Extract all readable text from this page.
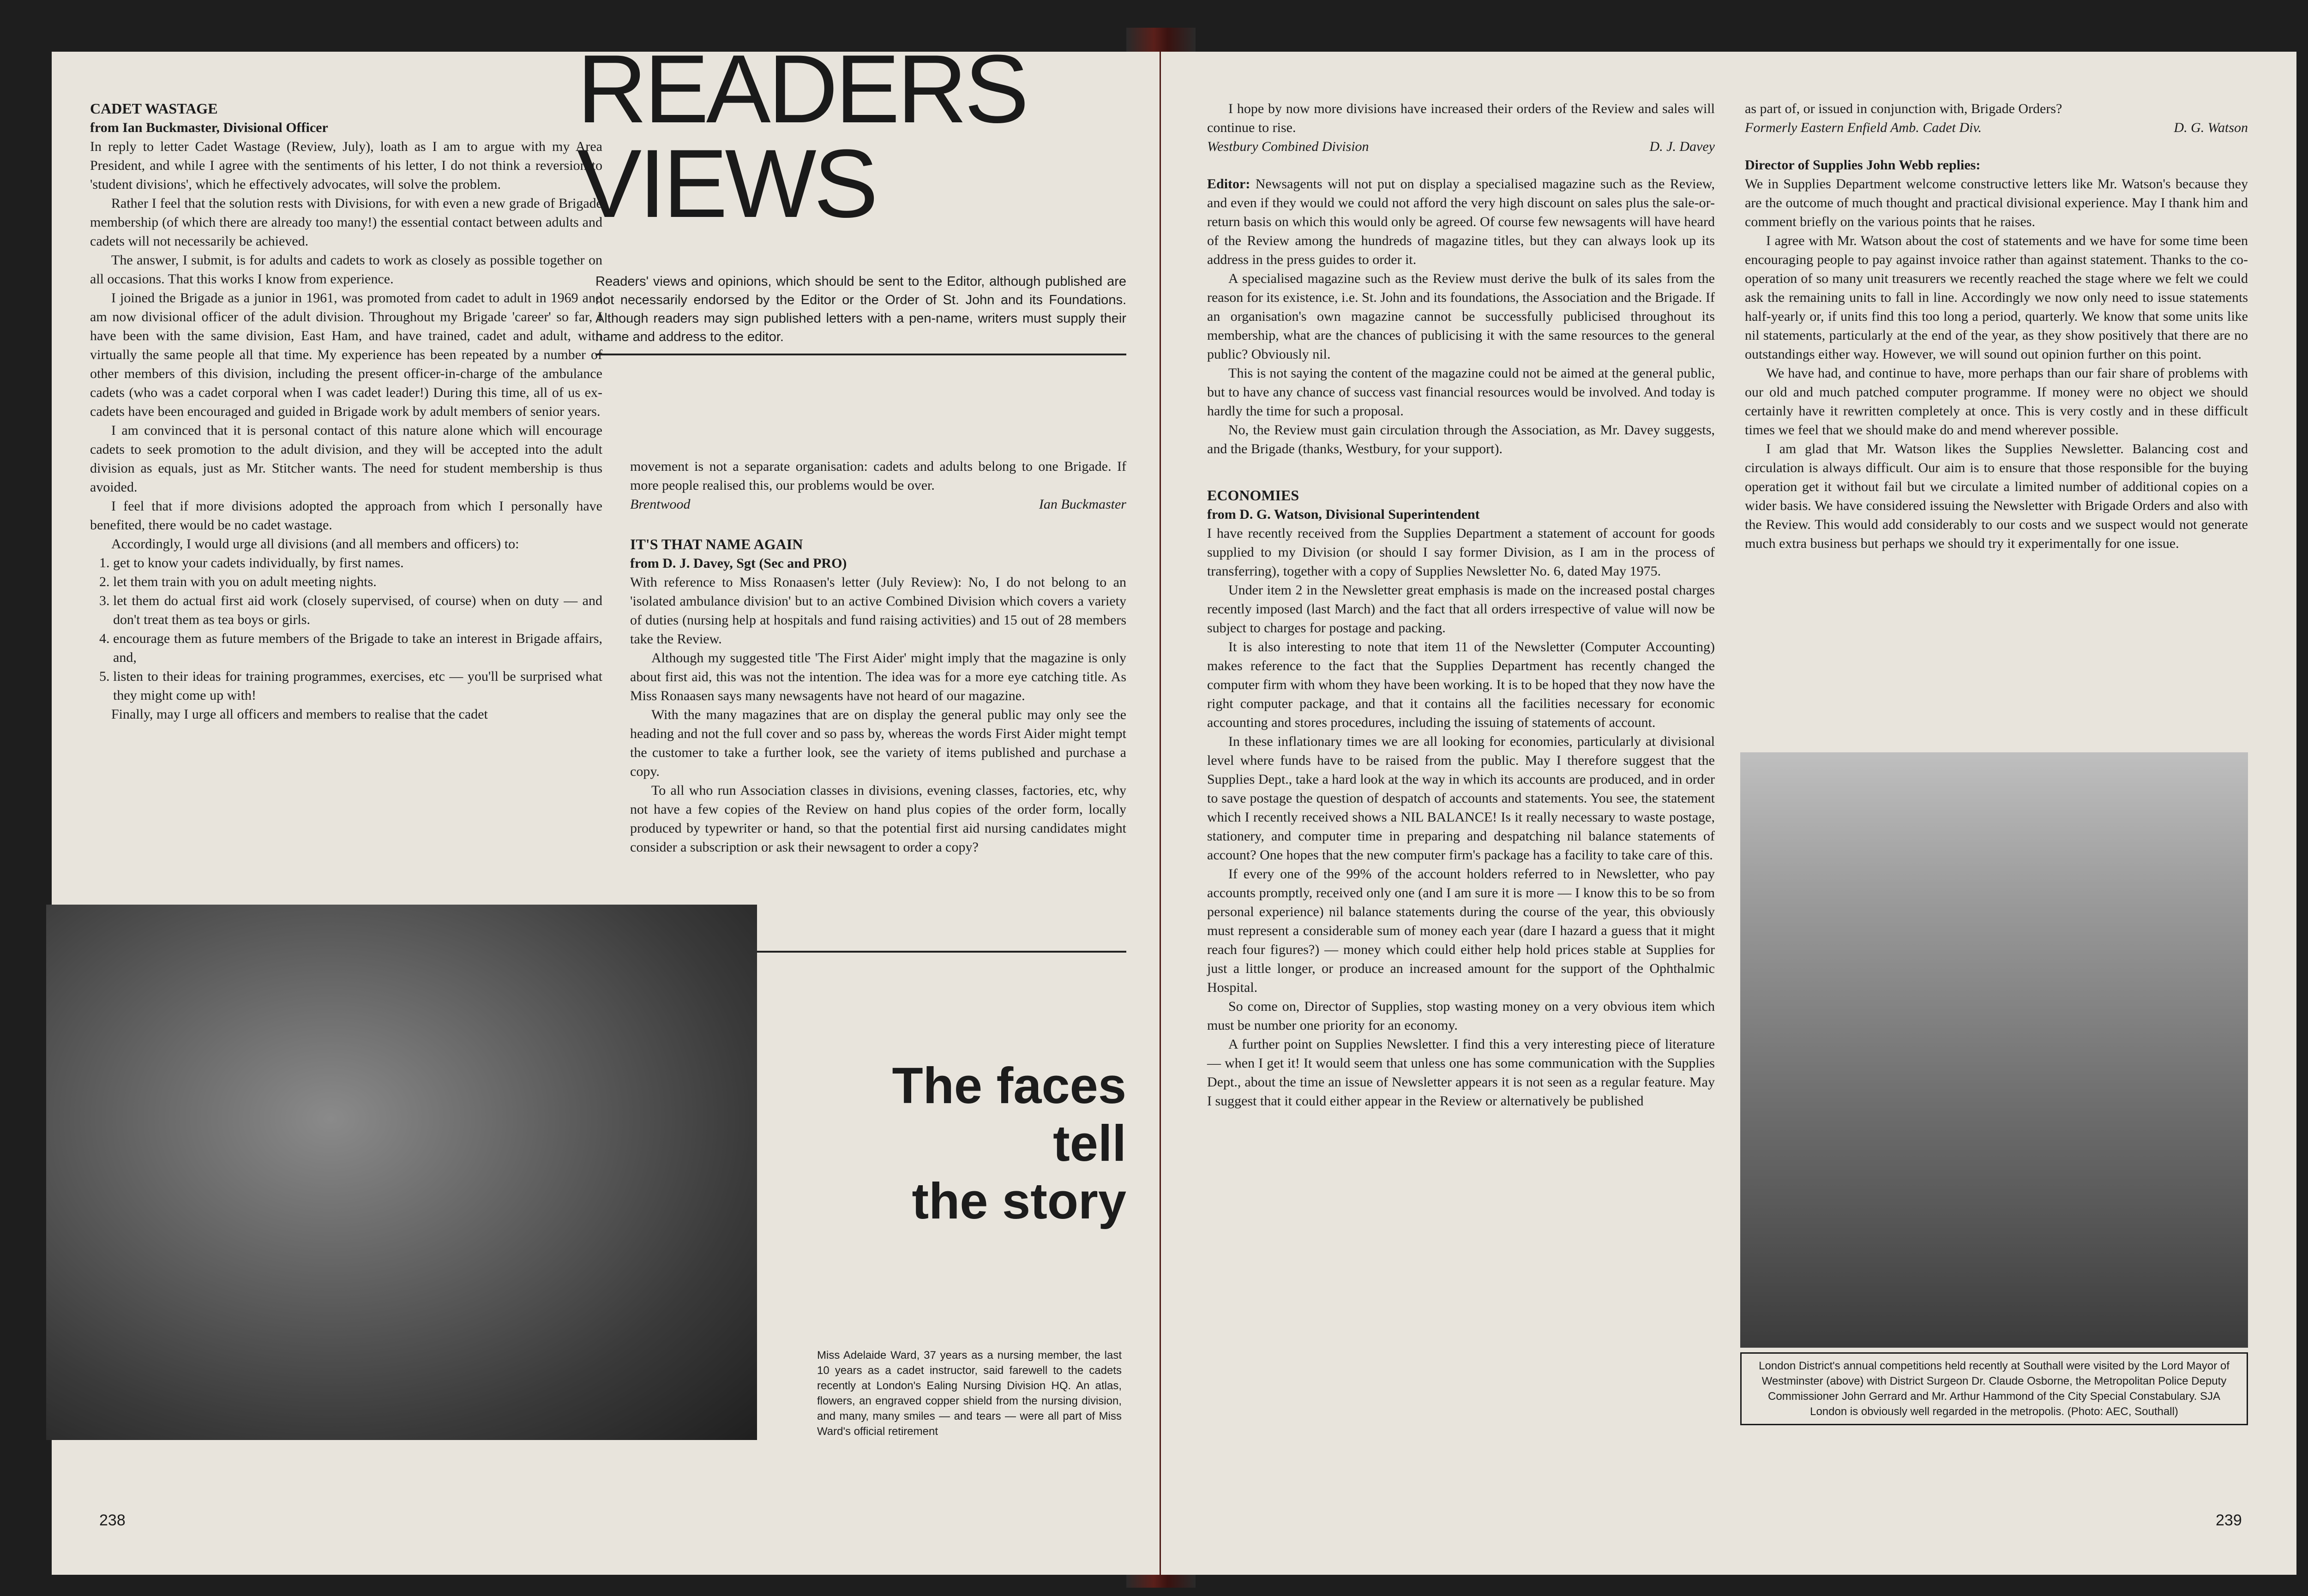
CADET WASTAGE
from Ian Buckmaster, Divisional Officer

In reply to letter Cadet Wastage (Review, July), loath as I am to argue with my Area President, and while I agree with the sentiments of his letter, I do not think a reversion to 'student divisions', which he effectively advocates, will solve the problem.

Rather I feel that the solution rests with Divisions, for with even a new grade of Brigade membership (of which there are already too many!) the essential contact between adults and cadets will not necessarily be achieved.

The answer, I submit, is for adults and cadets to work as closely as possible together on all occasions. That this works I know from experience.

I joined the Brigade as a junior in 1961, was promoted from cadet to adult in 1969 and am now divisional officer of the adult division. Throughout my Brigade 'career' so far, I have been with the same division, East Ham, and have trained, cadet and adult, with virtually the same people all that time. My experience has been repeated by a number of other members of this division, including the present officer-in-charge of the ambulance cadets (who was a cadet corporal when I was cadet leader!) During this time, all of us ex-cadets have been encouraged and guided in Brigade work by adult members of senior years.

I am convinced that it is personal contact of this nature alone which will encourage cadets to seek promotion to the adult division, and they will be accepted into the adult division as equals, just as Mr. Stitcher wants. The need for student membership is thus avoided.

I feel that if more divisions adopted the approach from which I personally have benefited, there would be no cadet wastage.

Accordingly, I would urge all divisions (and all members and officers) to:

1. get to know your cadets individually, by first names.
2. let them train with you on adult meeting nights.
3. let them do actual first aid work (closely supervised, of course) when on duty — and don't treat them as tea boys or girls.
4. encourage them as future members of the Brigade to take an interest in Brigade affairs, and,
5. listen to their ideas for training programmes, exercises, etc — you'll be surprised what they might come up with!

Finally, may I urge all officers and members to realise that the cadet

READERS
VIEWS
Readers' views and opinions, which should be sent to the Editor, although published are not necessarily endorsed by the Editor or the Order of St. John and its Foundations. Although readers may sign published letters with a pen-name, writers must supply their name and address to the editor.

movement is not a separate organisation: cadets and adults belong to one Brigade. If more people realised this, our problems would be over.

Brentwood	Ian Buckmaster
IT'S THAT NAME AGAIN
from D. J. Davey, Sgt (Sec and PRO)

With reference to Miss Ronaasen's letter (July Review): No, I do not belong to an 'isolated ambulance division' but to an active Combined Division which covers a variety of duties (nursing help at hospitals and fund raising activities) and 15 out of 28 members take the Review.

Although my suggested title 'The First Aider' might imply that the magazine is only about first aid, this was not the intention. The idea was for a more eye catching title. As Miss Ronaasen says many newsagents have not heard of our magazine.

With the many magazines that are on display the general public may only see the heading and not the full cover and so pass by, whereas the words First Aider might tempt the customer to take a further look, see the variety of items published and purchase a copy.

To all who run Association classes in divisions, evening classes, factories, etc, why not have a few copies of the Review on hand plus copies of the order form, locally produced by typewriter or hand, so that the potential first aid nursing candidates might consider a subscription or ask their newsagent to order a copy?

The faces
tell
the story
Miss Adelaide Ward, 37 years as a nursing member, the last 10 years as a cadet instructor, said farewell to the cadets recently at London's Ealing Nursing Division HQ. An atlas, flowers, an engraved copper shield from the nursing division, and many, many smiles — and tears — were all part of Miss Ward's official retirement
238

I hope by now more divisions have increased their orders of the Review and sales will continue to rise.

Westbury Combined Division	D. J. Davey

Editor: Newsagents will not put on display a specialised magazine such as the Review, and even if they would we could not afford the very high discount on sales plus the sale-or-return basis on which this would only be agreed. Of course few newsagents will have heard of the Review among the hundreds of magazine titles, but they can always look up its address in the press guides to order it.

A specialised magazine such as the Review must derive the bulk of its sales from the reason for its existence, i.e. St. John and its foundations, the Association and the Brigade. If an organisation's own magazine cannot be successfully publicised throughout its membership, what are the chances of publicising it with the same resources to the general public? Obviously nil.

This is not saying the content of the magazine could not be aimed at the general public, but to have any chance of success vast financial resources would be involved. And today is hardly the time for such a proposal.

No, the Review must gain circulation through the Association, as Mr. Davey suggests, and the Brigade (thanks, Westbury, for your support).

ECONOMIES
from D. G. Watson, Divisional Superintendent

I have recently received from the Supplies Department a statement of account for goods supplied to my Division (or should I say former Division, as I am in the process of transferring), together with a copy of Supplies Newsletter No. 6, dated May 1975.

Under item 2 in the Newsletter great emphasis is made on the increased postal charges recently imposed (last March) and the fact that all orders irrespective of value will now be subject to charges for postage and packing.

It is also interesting to note that item 11 of the Newsletter (Computer Accounting) makes reference to the fact that the Supplies Department has recently changed the computer firm with whom they have been working. It is to be hoped that they now have the right computer package, and that it contains all the facilities necessary for economic accounting and stores procedures, including the issuing of statements of account.

In these inflationary times we are all looking for economies, particularly at divisional level where funds have to be raised from the public. May I therefore suggest that the Supplies Dept., take a hard look at the way in which its accounts are produced, and in order to save postage the question of despatch of accounts and statements. You see, the statement which I recently received shows a NIL BALANCE! Is it really necessary to waste postage, stationery, and computer time in preparing and despatching nil balance statements of account? One hopes that the new computer firm's package has a facility to take care of this.

If every one of the 99% of the account holders referred to in Newsletter, who pay accounts promptly, received only one (and I am sure it is more — I know this to be so from personal experience) nil balance statements during the course of the year, this obviously must represent a considerable sum of money each year (dare I hazard a guess that it might reach four figures?) — money which could either help hold prices stable at Supplies for just a little longer, or produce an increased amount for the support of the Ophthalmic Hospital.

So come on, Director of Supplies, stop wasting money on a very obvious item which must be number one priority for an economy.

A further point on Supplies Newsletter. I find this a very interesting piece of literature — when I get it! It would seem that unless one has some communication with the Supplies Dept., about the time an issue of Newsletter appears it is not seen as a regular feature. May I suggest that it could either appear in the Review or alternatively be published

as part of, or issued in conjunction with, Brigade Orders?

Formerly Eastern Enfield Amb. Cadet Div.	D. G. Watson
Director of Supplies John Webb replies:

We in Supplies Department welcome constructive letters like Mr. Watson's because they are the outcome of much thought and practical divisional experience. May I thank him and comment briefly on the various points that he raises.

I agree with Mr. Watson about the cost of statements and we have for some time been encouraging people to pay against invoice rather than against statement. Thanks to the co-operation of so many unit treasurers we recently reached the stage where we felt we could ask the remaining units to fall in line. Accordingly we now only need to issue statements half-yearly or, if units find this too long a period, quarterly. We know that some units like nil statements, particularly at the end of the year, as they show positively that there are no outstandings either way. However, we will sound out opinion further on this point.

We have had, and continue to have, more perhaps than our fair share of problems with our old and much patched computer programme. If money were no object we should certainly have it rewritten completely at once. This is very costly and in these difficult times we feel that we should make do and mend wherever possible.

I am glad that Mr. Watson likes the Supplies Newsletter. Balancing cost and circulation is always difficult. Our aim is to ensure that those responsible for the buying operation get it without fail but we circulate a limited number of additional copies on a wider basis. We have considered issuing the Newsletter with Brigade Orders and also with the Review. This would add considerably to our costs and we suspect would not generate much extra business but perhaps we should try it experimentally for one issue.

London District's annual competitions held recently at Southall were visited by the Lord Mayor of Westminster (above) with District Surgeon Dr. Claude Osborne, the Metropolitan Police Deputy Commissioner John Gerrard and Mr. Arthur Hammond of the City Special Constabulary. SJA London is obviously well regarded in the metropolis. (Photo: AEC, Southall)
239
